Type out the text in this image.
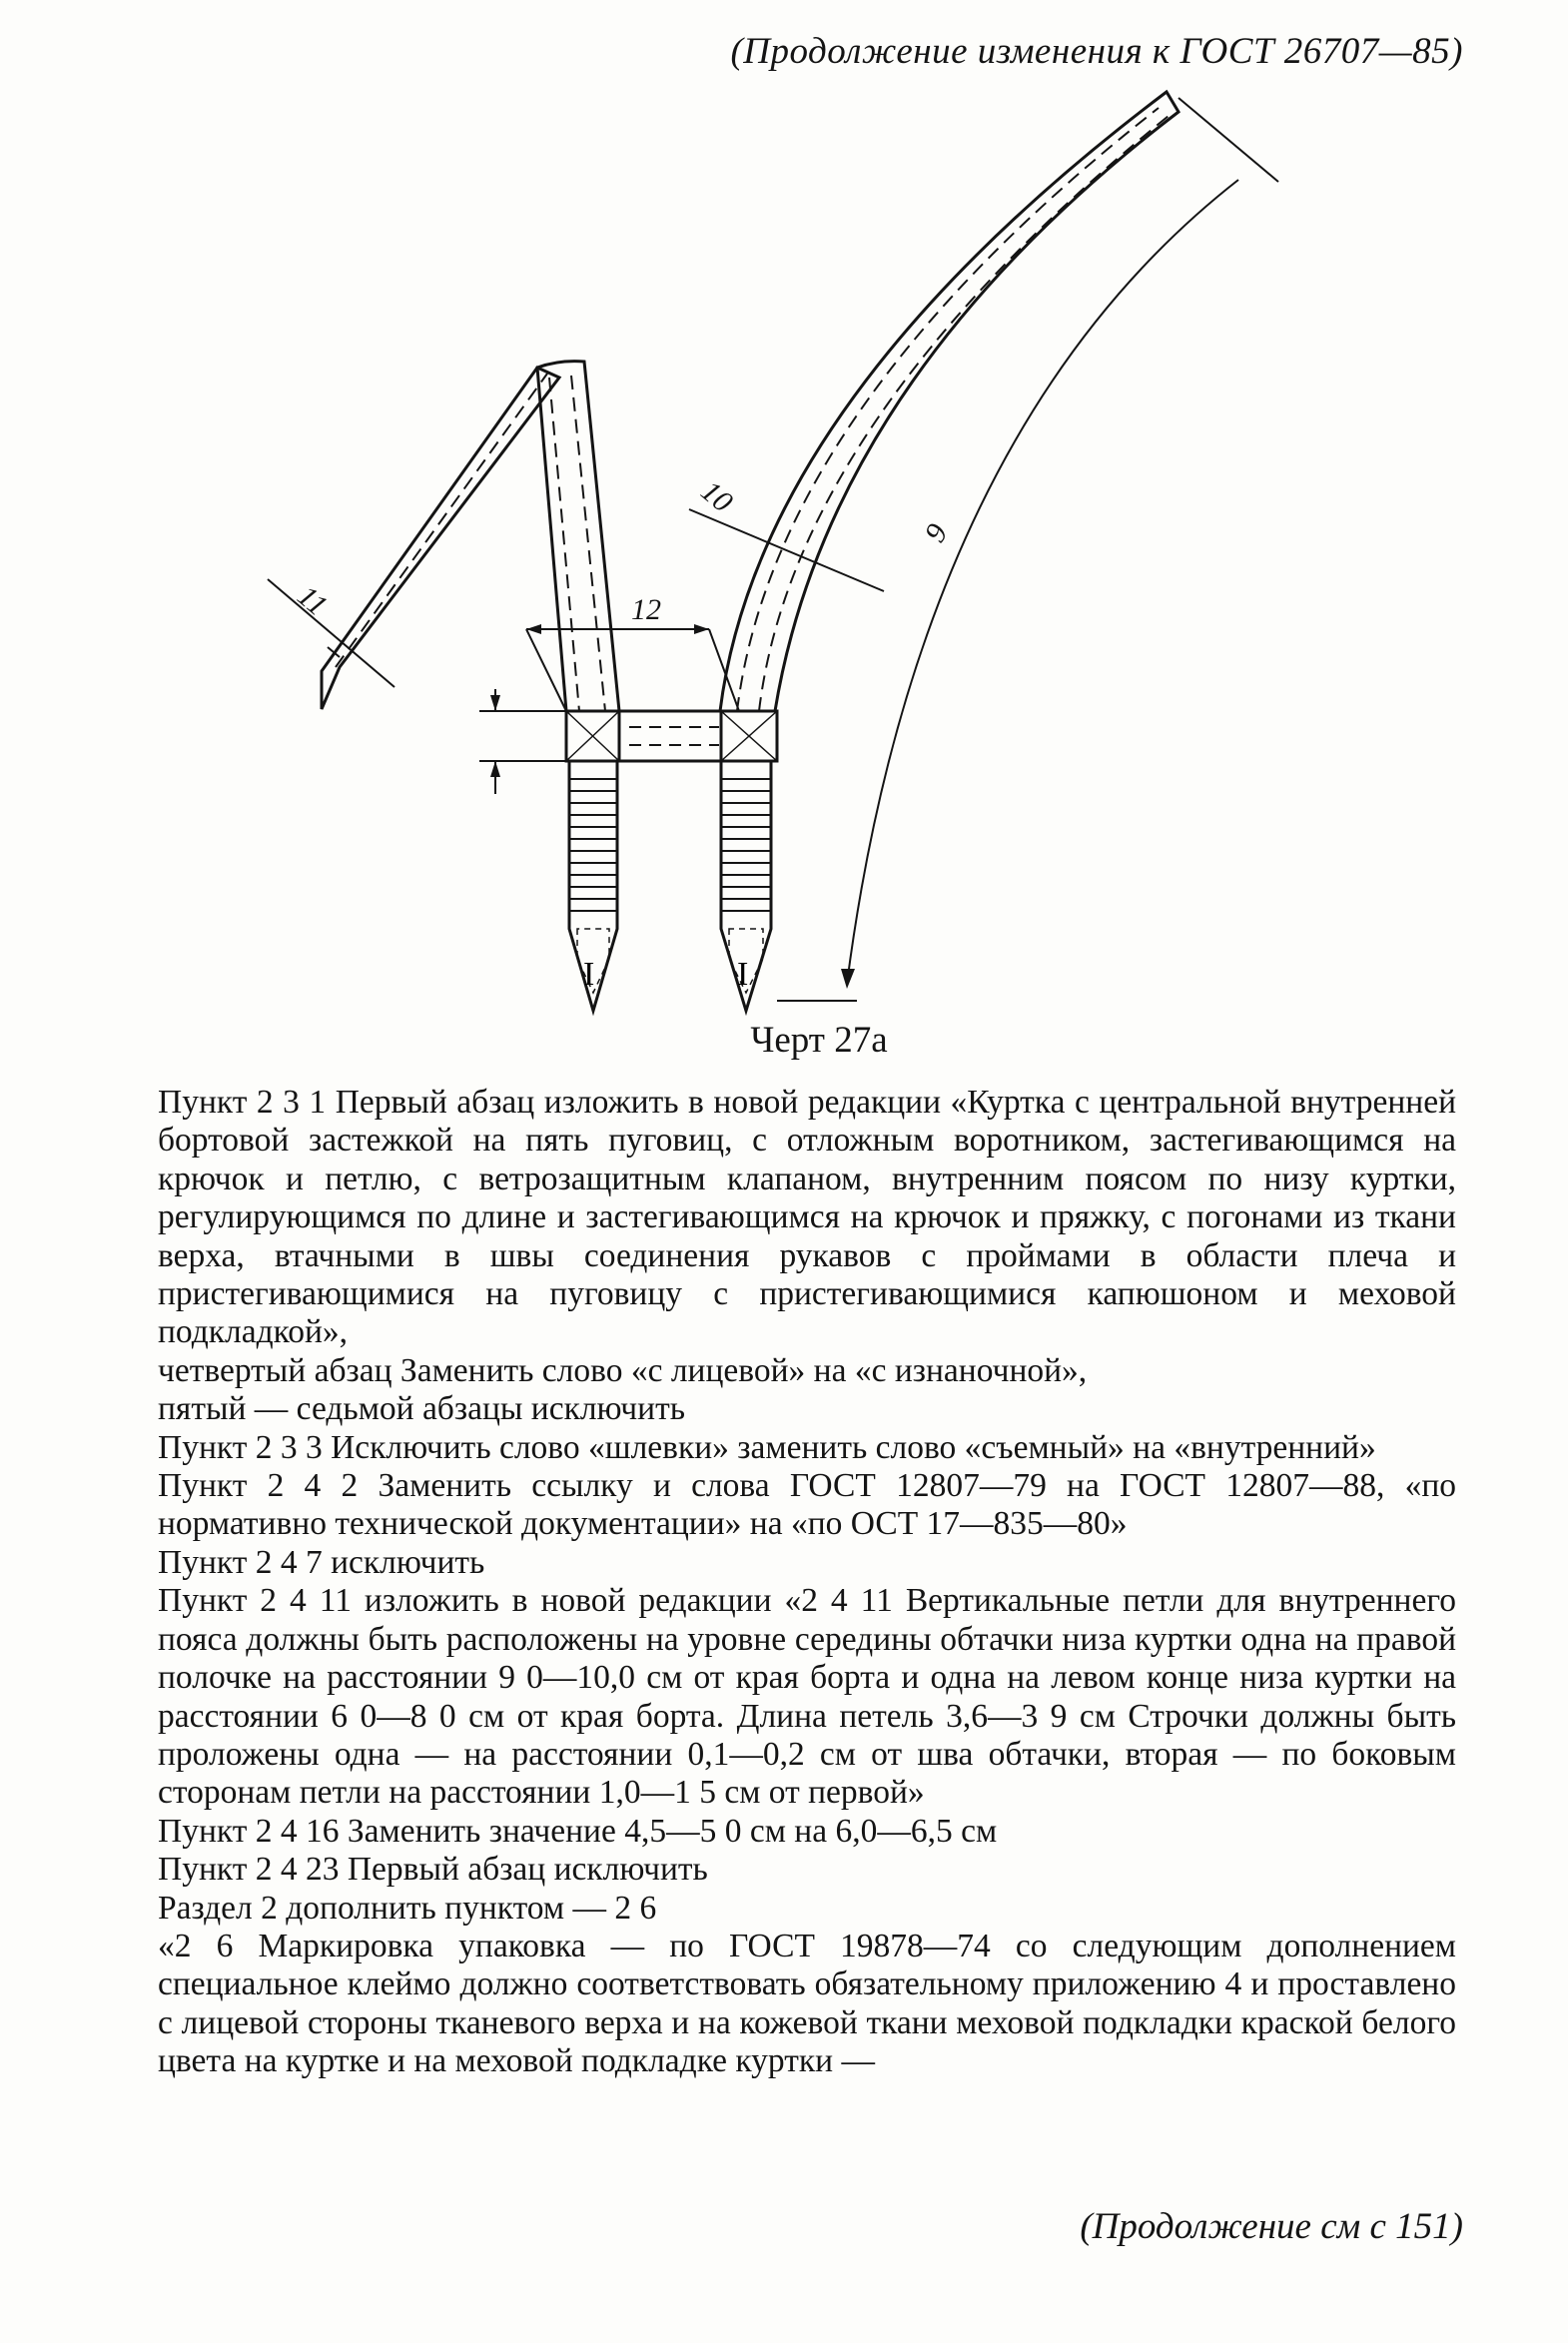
(Продолжение изменения к ГОСТ 26707—85)
I	I
11	12
10
9
Черт 27а

Пункт 2 3 1 Первый абзац изложить в новой редакции «Куртка с центральной внутренней бортовой застежкой на пять пуговиц, с отложным воротником, застегивающимся на крючок и петлю, с ветрозащитным клапаном, внутренним поясом по низу куртки, регулирующимся по длине и застегивающимся на крючок и пряжку, с погонами из ткани верха, втачными в швы соединения рукавов с проймами в области плеча и пристегивающимися на пуговицу с пристегивающимися капюшоном и меховой подкладкой»,

четвертый абзац Заменить слово «с лицевой» на «с изнаночной»,

пятый — седьмой абзацы исключить

Пункт 2 3 3 Исключить слово «шлевки» заменить слово «съемный» на «внутренний»

Пункт 2 4 2 Заменить ссылку и слова ГОСТ 12807—79 на ГОСТ 12807—88, «по нормативно технической документации» на «по ОСТ 17—835—80»

Пункт 2 4 7 исключить

Пункт 2 4 11 изложить в новой редакции «2 4 11 Вертикальные петли для внутреннего пояса должны быть расположены на уровне середины обтачки низа куртки одна на правой полочке на расстоянии 9 0—10,0 см от края борта и одна на левом конце низа куртки на расстоянии 6 0—8 0 см от края борта. Длина петель 3,6—3 9 см Строчки должны быть проложены одна — на расстоянии 0,1—0,2 см от шва обтачки, вторая — по боковым сторонам петли на расстоянии 1,0—1 5 см от первой»

Пункт 2 4 16 Заменить значение 4,5—5 0 см на 6,0—6,5 см

Пункт 2 4 23 Первый абзац исключить

Раздел 2 дополнить пунктом — 2 6

«2 6 Маркировка упаковка — по ГОСТ 19878—74 со следующим дополнением специальное клеймо должно соответствовать обязательному приложению 4 и проставлено с лицевой стороны тканевого верха и на кожевой ткани меховой подкладки краской белого цвета на куртке и на меховой подкладке куртки —

(Продолжение см с 151)
